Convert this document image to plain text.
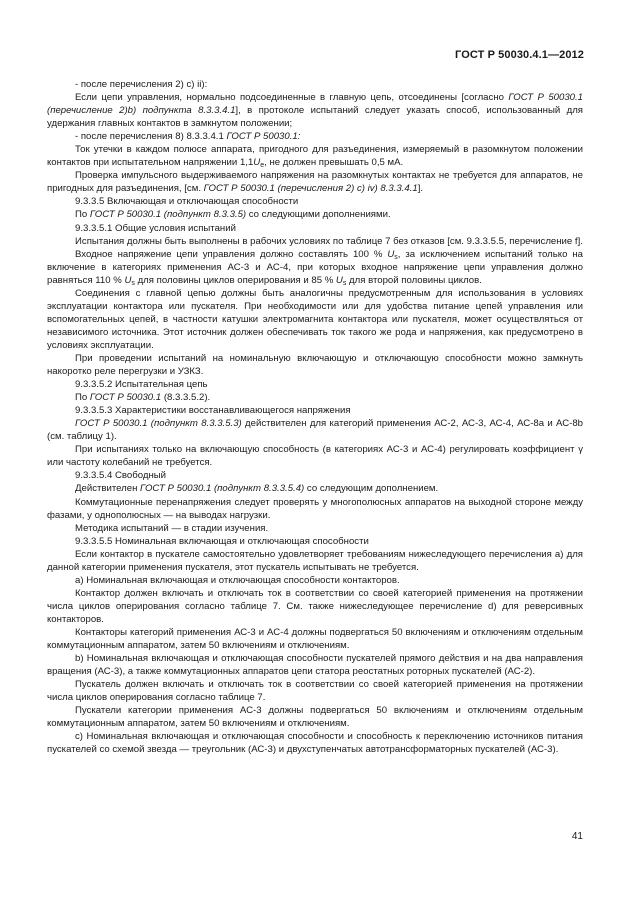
ГОСТ Р 50030.4.1—2012

- после перечисления 2) с) ii):

Если цепи управления, нормально подсоединенные в главную цепь, отсоединены [согласно ГОСТ Р 50030.1 (перечисление 2)b) подпункта 8.3.3.4.1], в протоколе испытаний следует указать способ, использованный для удержания главных контактов в замкнутом положении;

- после перечисления 8) 8.3.3.4.1 ГОСТ Р 50030.1:

Ток утечки в каждом полюсе аппарата, пригодного для разъединения, измеряемый в разомкнутом положении контактов при испытательном напряжении $1,1U_e$, не должен превышать 0,5 мА.

Проверка импульсного выдерживаемого напряжения на разомкнутых контактах не требуется для аппаратов, не пригодных для разъединения, [см. ГОСТ Р 50030.1 (перечисления 2) с) iv) 8.3.3.4.1].

9.3.3.5 Включающая и отключающая способности

По ГОСТ Р 50030.1 (подпункт 8.3.3.5) со следующими дополнениями.

9.3.3.5.1 Общие условия испытаний

Испытания должны быть выполнены в рабочих условиях по таблице 7 без отказов [см. 9.3.3.5.5, перечисление f].

Входное напряжение цепи управления должно составлять 100 % $U_s$, за исключением испытаний только на включение в категориях применения АС-3 и АС-4, при которых входное напряжение цепи управления должно равняться 110 % $U_s$ для половины циклов оперирования и 85 % $U_s$ для второй половины циклов.

Соединения с главной цепью должны быть аналогичны предусмотренным для использования в условиях эксплуатации контактора или пускателя. При необходимости или для удобства питание цепей управления или вспомогательных цепей, в частности катушки электромагнита контактора или пускателя, может осуществляться от независимого источника. Этот источник должен обеспечивать ток такого же рода и напряжения, как предусмотрено в условиях эксплуатации.

При проведении испытаний на номинальную включающую и отключающую способности можно замкнуть накоротко реле перегрузки и УЗКЗ.

9.3.3.5.2 Испытательная цепь

По ГОСТ Р 50030.1 (8.3.3.5.2).

9.3.3.5.3 Характеристики восстанавливающегося напряжения

ГОСТ Р 50030.1 (подпункт 8.3.3.5.3) действителен для категорий применения АС-2, АС-3, АС-4, АС-8а и АС-8b (см. таблицу 1).

При испытаниях только на включающую способность (в категориях АС-3 и АС-4) регулировать коэффициент γ или частоту колебаний не требуется.

9.3.3.5.4 Свободный

Действителен ГОСТ Р 50030.1 (подпункт 8.3.3.5.4) со следующим дополнением.

Коммутационные перенапряжения следует проверять у многополюсных аппаратов на выходной стороне между фазами, у однополюсных — на выводах нагрузки.

Методика испытаний — в стадии изучения.

9.3.3.5.5 Номинальная включающая и отключающая способности

Если контактор в пускателе самостоятельно удовлетворяет требованиям нижеследующего перечисления а) для данной категории применения пускателя, этот пускатель испытывать не требуется.

а) Номинальная включающая и отключающая способности контакторов.

Контактор должен включать и отключать ток в соответствии со своей категорией применения на протяжении числа циклов оперирования согласно таблице 7. См. также нижеследующее перечисление d) для реверсивных контакторов.

Контакторы категорий применения АС-3 и АС-4 должны подвергаться 50 включениям и отключениям отдельным коммутационным аппаратом, затем 50 включениям и отключениям.

b) Номинальная включающая и отключающая способности пускателей прямого действия и на два направления вращения (АС-3), а также коммутационных аппаратов цепи статора реостатных роторных пускателей (АС-2).

Пускатель должен включать и отключать ток в соответствии со своей категорией применения на протяжении числа циклов оперирования согласно таблице 7.

Пускатели категории применения АС-3 должны подвергаться 50 включениям и отключениям отдельным коммутационным аппаратом, затем 50 включениям и отключениям.

с) Номинальная включающая и отключающая способности и способность к переключению источников питания пускателей со схемой звезда — треугольник (АС-3) и двухступенчатых автотрансформаторных пускателей (АС-3).

41
